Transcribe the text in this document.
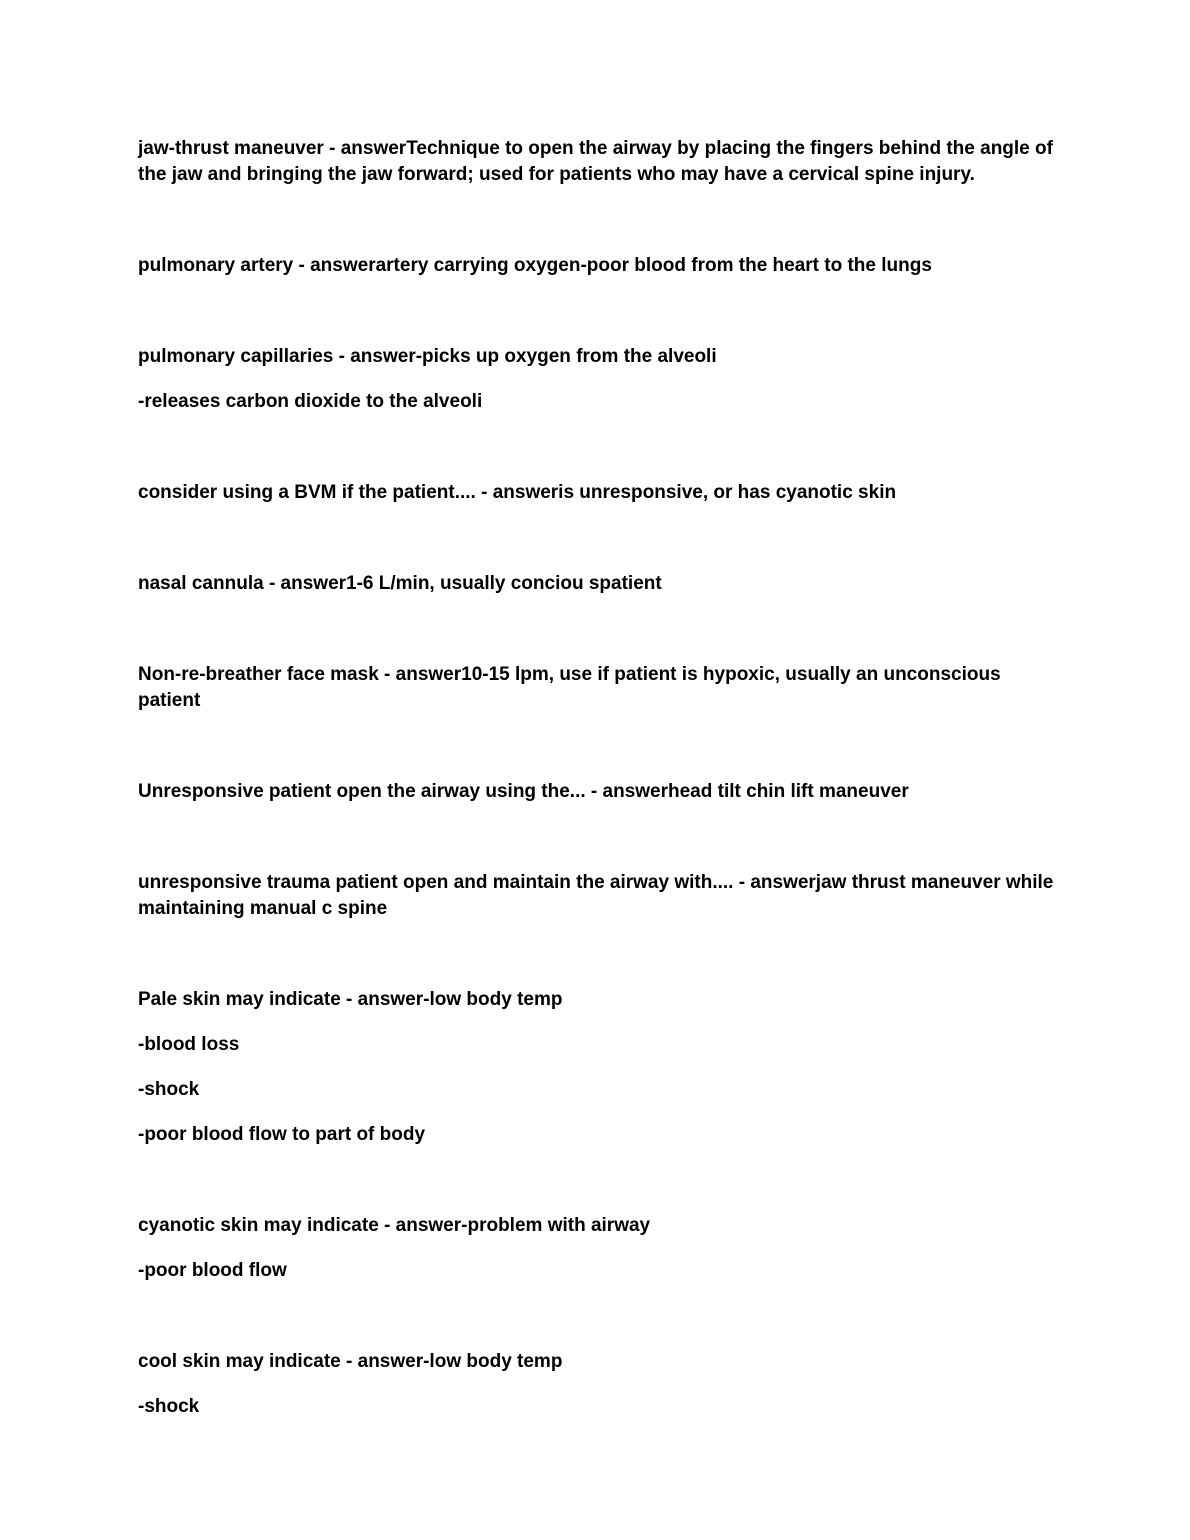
jaw-thrust maneuver - answerTechnique to open the airway by placing the fingers behind the angle of the jaw and bringing the jaw forward; used for patients who may have a cervical spine injury.
pulmonary artery - answerartery carrying oxygen-poor blood from the heart to the lungs
pulmonary capillaries - answer-picks up oxygen from the alveoli
-releases carbon dioxide to the alveoli
consider using a BVM if the patient.... - answeris unresponsive, or has cyanotic skin
nasal cannula - answer1-6 L/min, usually conciou spatient
Non-re-breather face mask - answer10-15 lpm, use if patient is hypoxic, usually an unconscious patient
Unresponsive patient open the airway using the... - answerhead tilt chin lift maneuver
unresponsive trauma patient open and maintain the airway with.... - answerjaw thrust maneuver while maintaining manual c spine
Pale skin may indicate - answer-low body temp
-blood loss
-shock
-poor blood flow to part of body
cyanotic skin may indicate - answer-problem with airway
-poor blood flow
cool skin may indicate - answer-low body temp
-shock
